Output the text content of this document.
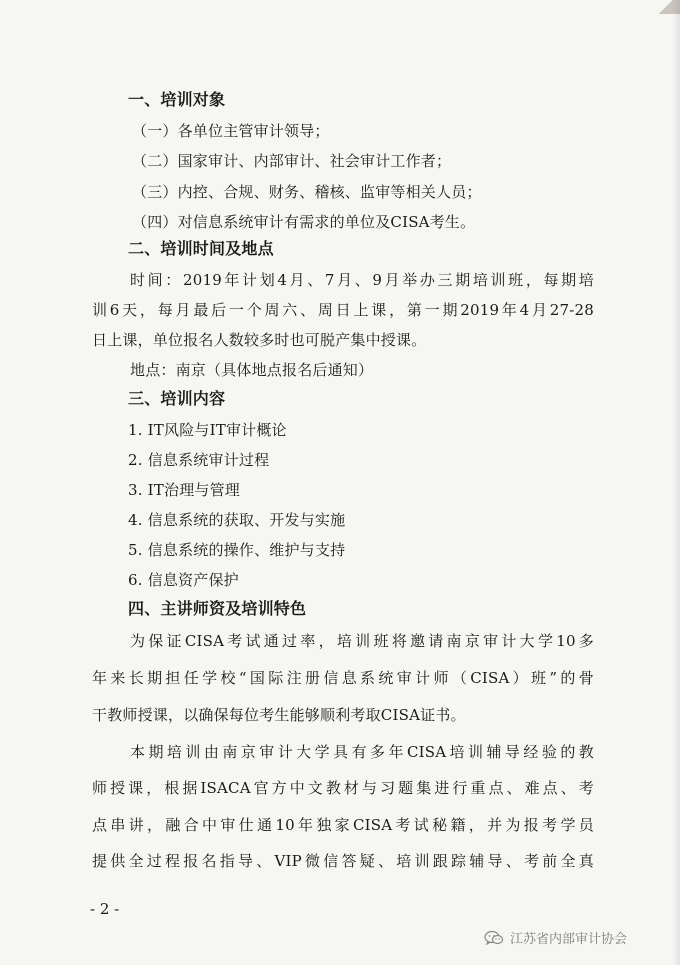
一、培训对象
（一）各单位主管审计领导；
（二）国家审计、内部审计、社会审计工作者；
（三）内控、合规、财务、稽核、监审等相关人员；
（四）对信息系统审计有需求的单位及CISA考生。
二、培训时间及地点
时间：2019年计划4月、7月、9月举办三期培训班，每期培
训6天，每月最后一个周六、周日上课，第一期2019年4月27-28
日上课，单位报名人数较多时也可脱产集中授课。
地点：南京（具体地点报名后通知）
三、培训内容
1. IT风险与IT审计概论
2. 信息系统审计过程
3. IT治理与管理
4. 信息系统的获取、开发与实施
5. 信息系统的操作、维护与支持
6. 信息资产保护
四、主讲师资及培训特色
为保证CISA考试通过率，培训班将邀请南京审计大学10多
年来长期担任学校“国际注册信息系统审计师（CISA）班”的骨
干教师授课，以确保每位考生能够顺利考取CISA证书。
本期培训由南京审计大学具有多年CISA培训辅导经验的教
师授课，根据ISACA官方中文教材与习题集进行重点、难点、考
点串讲，融合中审仕通10年独家CISA考试秘籍，并为报考学员
提供全过程报名指导、VIP微信答疑、培训跟踪辅导、考前全真
- 2 -
江苏省内部审计协会
